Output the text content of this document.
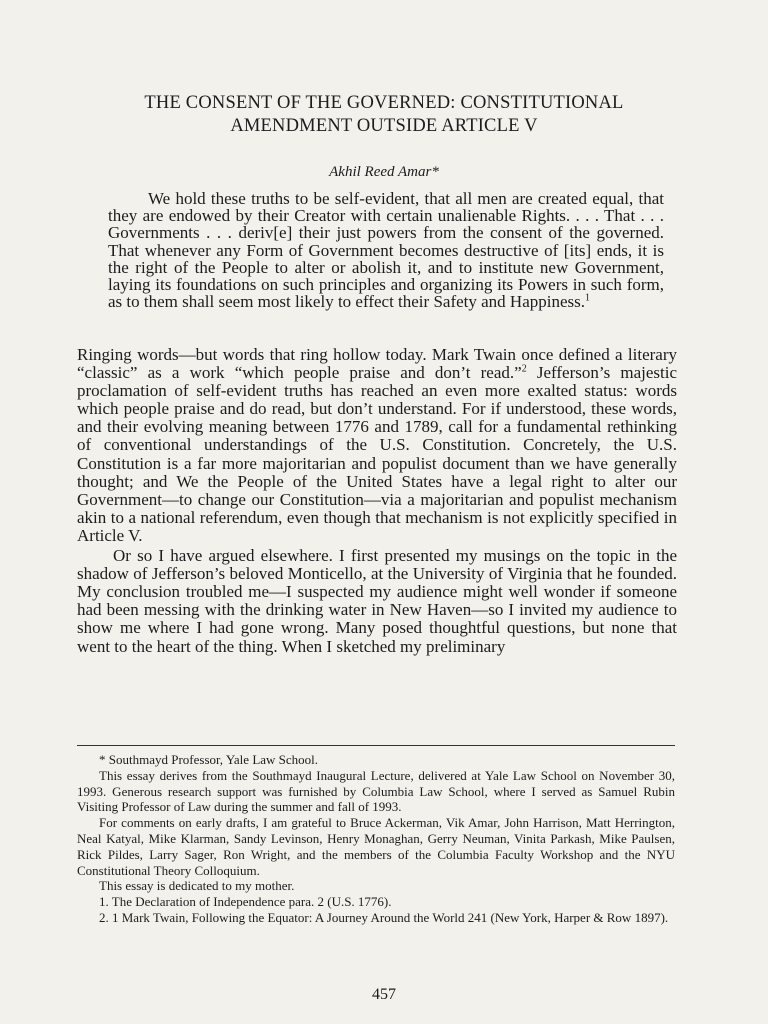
THE CONSENT OF THE GOVERNED: CONSTITUTIONAL
AMENDMENT OUTSIDE ARTICLE V
Akhil Reed Amar*

We hold these truths to be self-evident, that all men are created equal, that they are endowed by their Creator with certain unalienable Rights. . . . That . . . Governments . . . deriv[e] their just powers from the consent of the governed. That whenever any Form of Government becomes destructive of [its] ends, it is the right of the People to alter or abolish it, and to institute new Government, laying its foundations on such principles and organizing its Powers in such form, as to them shall seem most likely to effect their Safety and Happiness.$^1$

Ringing words—but words that ring hollow today. Mark Twain once defined a literary “classic” as a work “which people praise and don’t read.”$^2$ Jefferson’s majestic proclamation of self-evident truths has reached an even more exalted status: words which people praise and do read, but don’t understand. For if understood, these words, and their evolving meaning between 1776 and 1789, call for a fundamental rethinking of conventional understandings of the U.S. Constitution. Concretely, the U.S. Constitution is a far more majoritarian and populist document than we have generally thought; and We the People of the United States have a legal right to alter our Government—to change our Constitution—via a majoritarian and populist mechanism akin to a national referendum, even though that mechanism is not explicitly specified in Article V.

Or so I have argued elsewhere. I first presented my musings on the topic in the shadow of Jefferson’s beloved Monticello, at the University of Virginia that he founded. My conclusion troubled me—I suspected my audience might well wonder if someone had been messing with the drinking water in New Haven—so I invited my audience to show me where I had gone wrong. Many posed thoughtful questions, but none that went to the heart of the thing. When I sketched my preliminary

* Southmayd Professor, Yale Law School.

This essay derives from the Southmayd Inaugural Lecture, delivered at Yale Law School on November 30, 1993. Generous research support was furnished by Columbia Law School, where I served as Samuel Rubin Visiting Professor of Law during the summer and fall of 1993.

For comments on early drafts, I am grateful to Bruce Ackerman, Vik Amar, John Harrison, Matt Herrington, Neal Katyal, Mike Klarman, Sandy Levinson, Henry Monaghan, Gerry Neuman, Vinita Parkash, Mike Paulsen, Rick Pildes, Larry Sager, Ron Wright, and the members of the Columbia Faculty Workshop and the NYU Constitutional Theory Colloquium.

This essay is dedicated to my mother.

1. The Declaration of Independence para. 2 (U.S. 1776).

2. 1 Mark Twain, Following the Equator: A Journey Around the World 241 (New York, Harper & Row 1897).

457
